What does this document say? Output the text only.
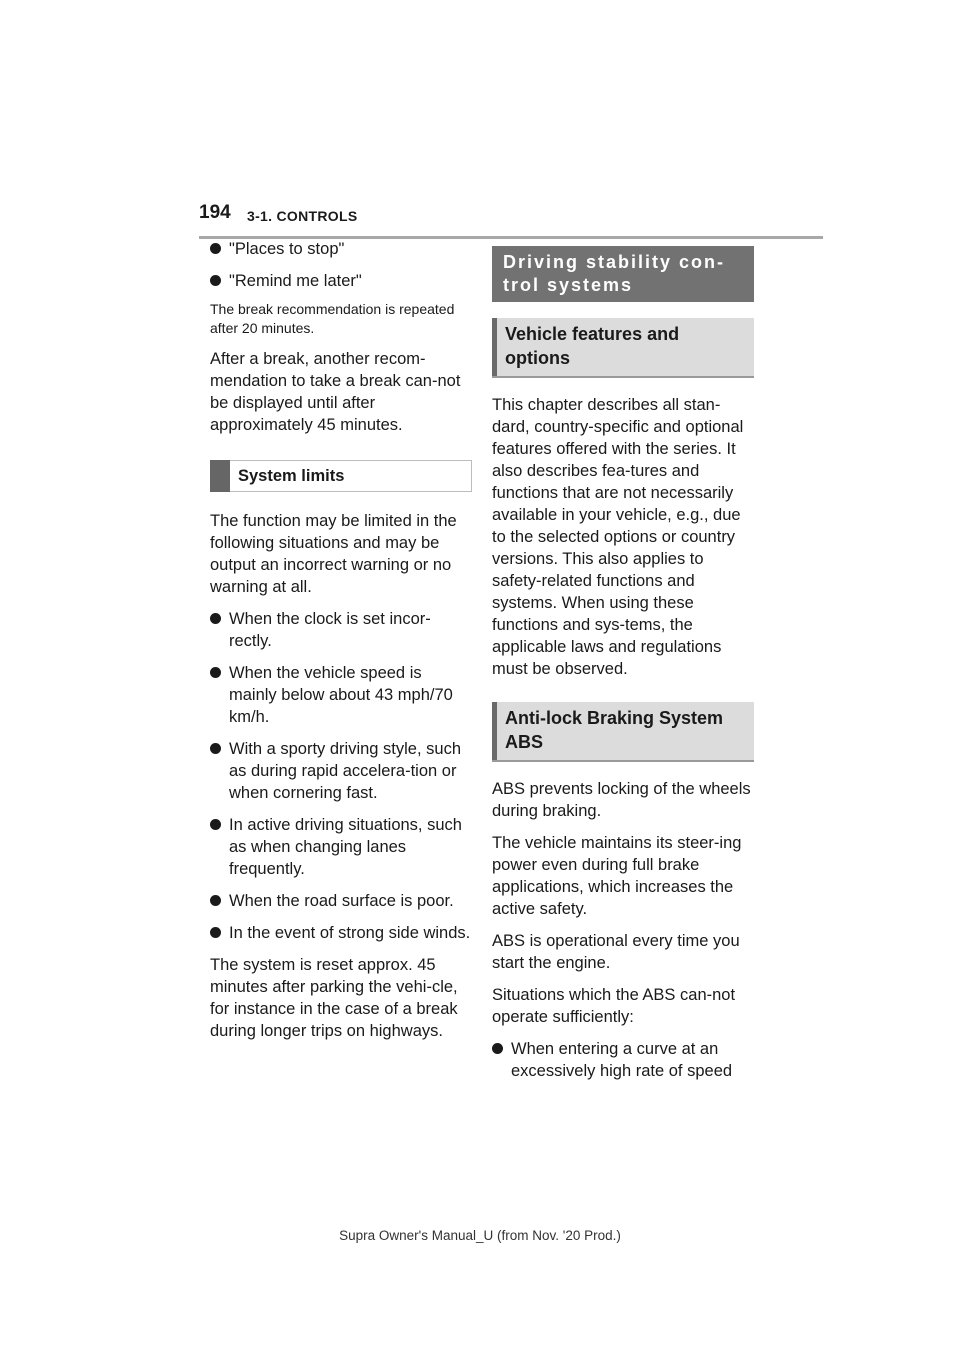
194 3-1. CONTROLS
"Places to stop"
"Remind me later"

The break recommendation is repeated after 20 minutes.

After a break, another recom-mendation to take a break can-not be displayed until after approximately 45 minutes.

System limits

The function may be limited in the following situations and may be output an incorrect warning or no warning at all.

When the clock is set incor-rectly.
When the vehicle speed is mainly below about 43 mph/70 km/h.
With a sporty driving style, such as during rapid accelera-tion or when cornering fast.
In active driving situations, such as when changing lanes frequently.
When the road surface is poor.
In the event of strong side winds.

The system is reset approx. 45 minutes after parking the vehi-cle, for instance in the case of a break during longer trips on highways.

Driving stability con-trol systems
Vehicle features and options

This chapter describes all stan-dard, country-specific and optional features offered with the series. It also describes fea-tures and functions that are not necessarily available in your vehicle, e.g., due to the selected options or country versions. This also applies to safety-related functions and systems. When using these functions and sys-tems, the applicable laws and regulations must be observed.

Anti-lock Braking System ABS

ABS prevents locking of the wheels during braking.

The vehicle maintains its steer-ing power even during full brake applications, which increases the active safety.

ABS is operational every time you start the engine.

Situations which the ABS can-not operate sufficiently:

When entering a curve at an excessively high rate of speed
Supra Owner's Manual_U (from Nov. '20 Prod.)
